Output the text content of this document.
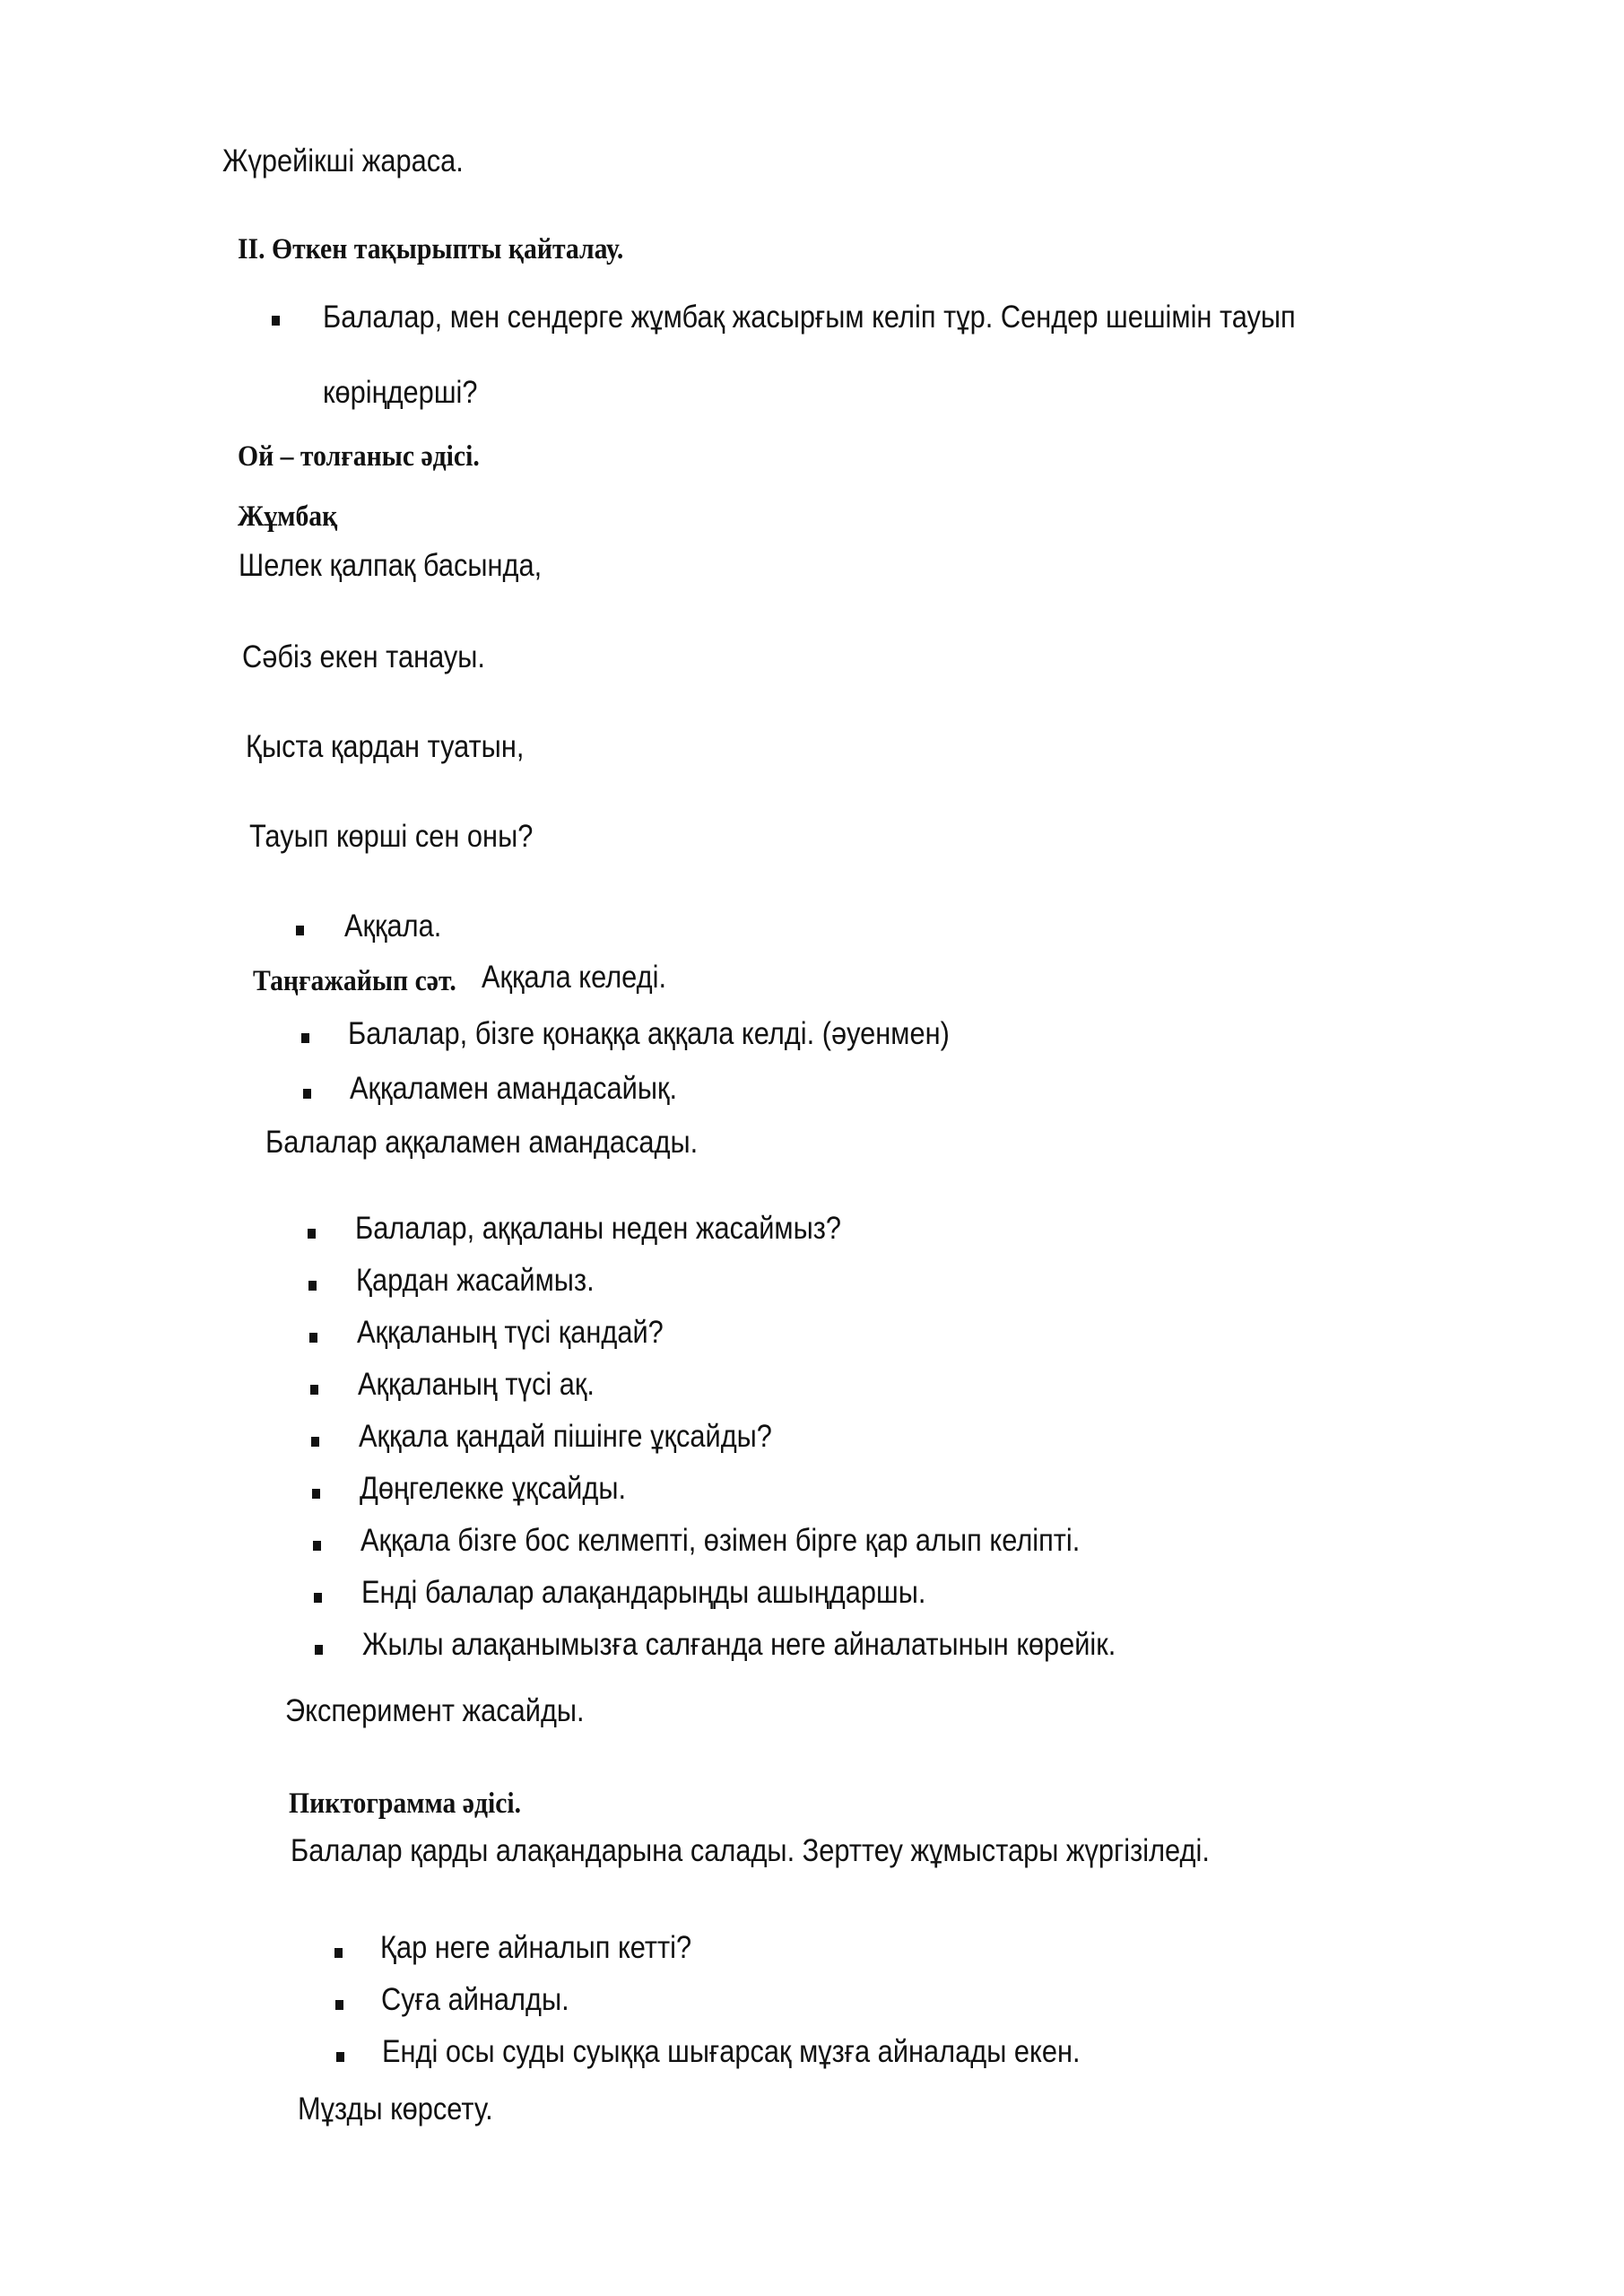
Жүрейікші жараса.
II. Өткен тақырыпты қайталау.
Балалар, мен сендерге жұмбақ жасырғым келіп тұр. Сендер шешімін тауып
көріңдерші?
Ой – толғаныс әдісі.
Жұмбақ
Шелек қалпақ басында,
Сәбіз екен танауы.
Қыста қардан туатын,
Тауып көрші сен оны?
Аққала.
Таңғажайып сәт. Аққала келеді.
Балалар, бізге қонаққа аққала келді. (әуенмен)
Аққаламен амандасайық.
Балалар аққаламен амандасады.
Балалар, аққаланы неден жасаймыз?
Қардан жасаймыз.
Аққаланың түсі қандай?
Аққаланың түсі ақ.
Аққала қандай пішінге ұқсайды?
Дөңгелекке ұқсайды.
Аққала бізге бос келмепті, өзімен бірге қар алып келіпті.
Енді балалар алақандарыңды ашыңдаршы.
Жылы алақанымызға салғанда неге айналатынын көрейік.
Эксперимент жасайды.
Пиктограмма әдісі.
Балалар қарды алақандарына салады. Зерттеу жұмыстары жүргізіледі.
Қар неге айналып кетті?
Суға айналды.
Енді осы суды суыққа шығарсақ мұзға айналады екен.
Мұзды көрсету.
